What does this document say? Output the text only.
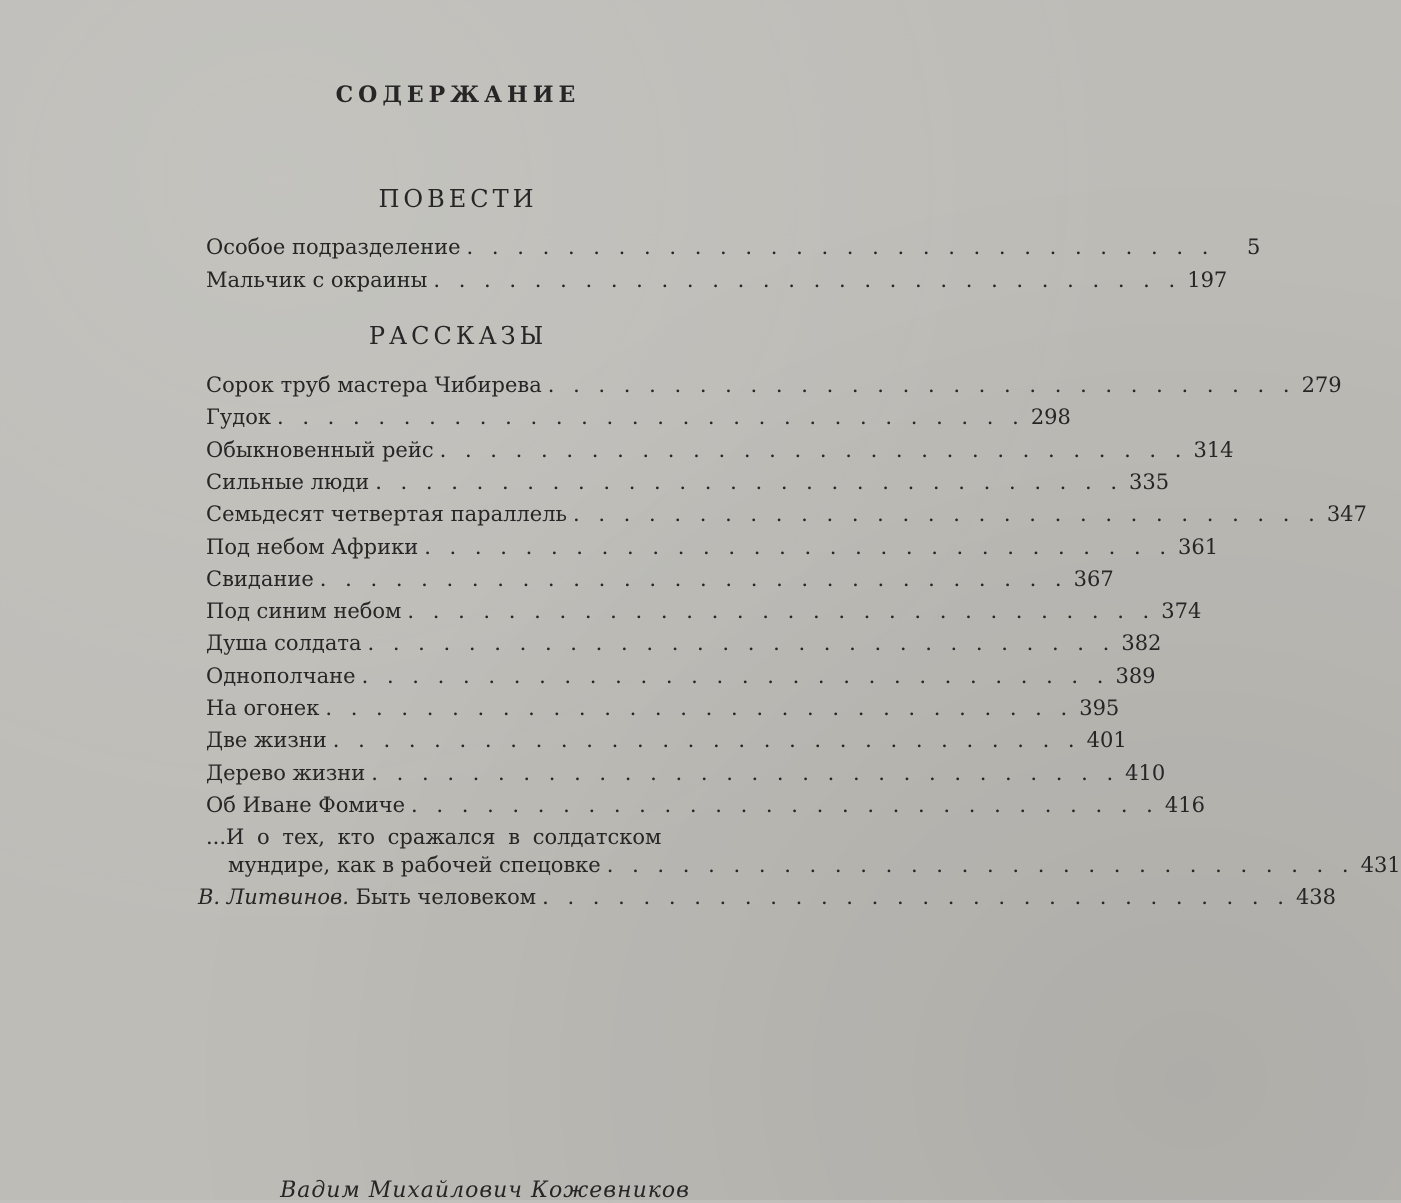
СОДЕРЖАНИЕ
ПОВЕСТИ
Особое подразделение . . . . . . . . . . . . . . . . . . . . . . . . . . . . . .	5
Мальчик с окраины . . . . . . . . . . . . . . . . . . . . . . . . . . . . . . 197
РАССКАЗЫ
Сорок труб мастера Чибирева . . . . . . . . . . . . . . . . . . . . . . . . . . . . . . 279
Гудок . . . . . . . . . . . . . . . . . . . . . . . . . . . . . . 298
Обыкновенный рейс . . . . . . . . . . . . . . . . . . . . . . . . . . . . . . 314
Сильные люди . . . . . . . . . . . . . . . . . . . . . . . . . . . . . . 335
Семьдесят четвертая параллель . . . . . . . . . . . . . . . . . . . . . . . . . . . . . . 347
Под небом Африки . . . . . . . . . . . . . . . . . . . . . . . . . . . . . . 361
Свидание . . . . . . . . . . . . . . . . . . . . . . . . . . . . . . 367
Под синим небом . . . . . . . . . . . . . . . . . . . . . . . . . . . . . . 374
Душа солдата . . . . . . . . . . . . . . . . . . . . . . . . . . . . . . 382
Однополчане . . . . . . . . . . . . . . . . . . . . . . . . . . . . . . 389
На огонек . . . . . . . . . . . . . . . . . . . . . . . . . . . . . . 395
Две жизни . . . . . . . . . . . . . . . . . . . . . . . . . . . . . . 401
Дерево жизни . . . . . . . . . . . . . . . . . . . . . . . . . . . . . . 410
Об Иване Фомиче . . . . . . . . . . . . . . . . . . . . . . . . . . . . . . 416
...И о тех, кто сражался в солдатском
мундире, как в рабочей спецовке . . . . . . . . . . . . . . . . . . . . . . . . . . . . . . 431
В. Литвинов. Быть человеком . . . . . . . . . . . . . . . . . . . . . . . . . . . . . . 438
Вадим Михайлович Кожевников
